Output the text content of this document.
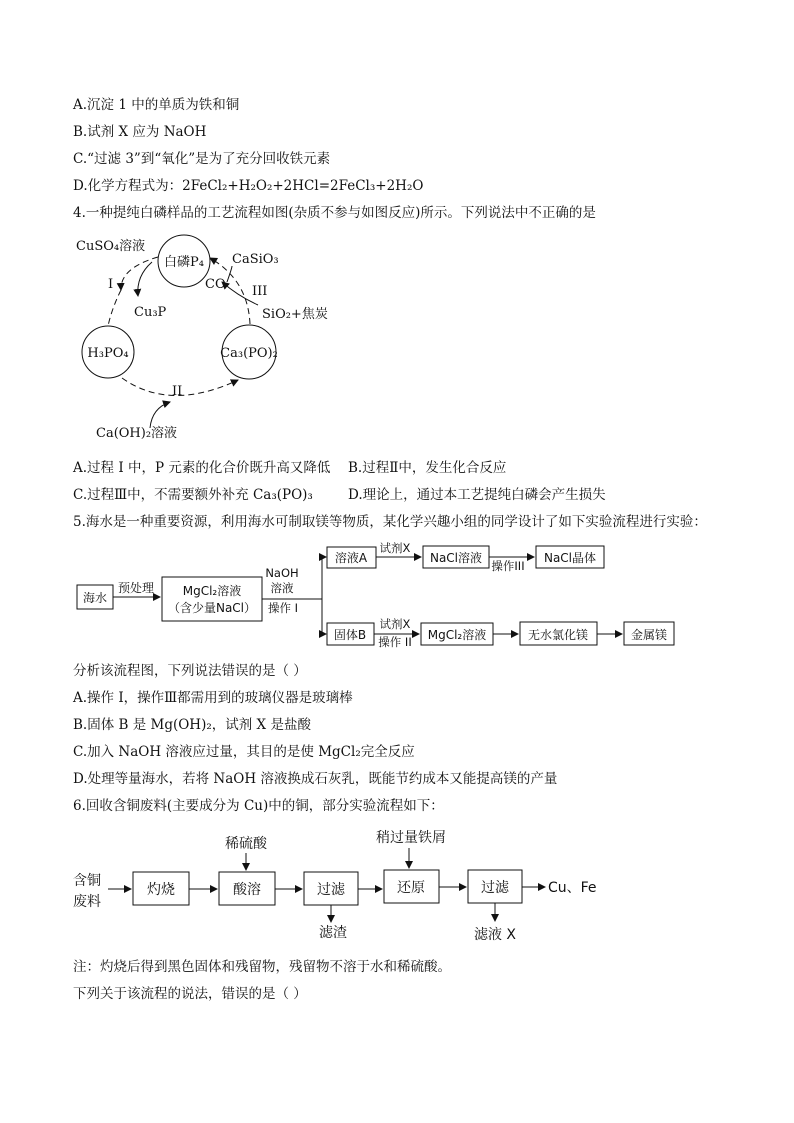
A.沉淀 1 中的单质为铁和铜
B.试剂 X 应为 NaOH
C.“过滤 3”到“氧化”是为了充分回收铁元素
D.化学方程式为：2FeCl₂+H₂O₂+2HCl=2FeCl₃+2H₂O
4.一种提纯白磷样品的工艺流程如图(杂质不参与如图反应)所示。下列说法中不正确的是
白磷P₄
H₃PO₄	Ca₃(PO)₂
CuSO₄溶液
I
Cu₃P
CaSiO₃
CO III
SiO₂+焦炭
II
Ca(OH)₂溶液
海水
预处理 MgCl₂溶液
（含少量NaCl）
NaOH
溶液
操作 I
溶液A
试剂X
NaCl溶液
操作III
NaCl晶体
固体B
试剂X
操作 II MgCl₂溶液	无水氯化镁	金属镁
含铜
废料
灼烧
稀硫酸
酸溶	过滤
滤渣
稍过量铁屑
还原	过滤	Cu、Fe
滤液 X
A.过程 I 中，P 元素的化合价既升高又降低 B.过程Ⅱ中，发生化合反应
C.过程Ⅲ中，不需要额外补充 Ca₃(PO)₃	D.理论上，通过本工艺提纯白磷会产生损失
5.海水是一种重要资源，利用海水可制取镁等物质，某化学兴趣小组的同学设计了如下实验流程进行实验：
分析该流程图，下列说法错误的是（ ）
A.操作 I，操作Ⅲ都需用到的玻璃仪器是玻璃棒
B.固体 B 是 Mg(OH)₂，试剂 X 是盐酸
C.加入 NaOH 溶液应过量，其目的是使 MgCl₂完全反应
D.处理等量海水，若将 NaOH 溶液换成石灰乳，既能节约成本又能提高镁的产量
6.回收含铜废料(主要成分为 Cu)中的铜，部分实验流程如下：
注：灼烧后得到黑色固体和残留物，残留物不溶于水和稀硫酸。
下列关于该流程的说法，错误的是（ ）
